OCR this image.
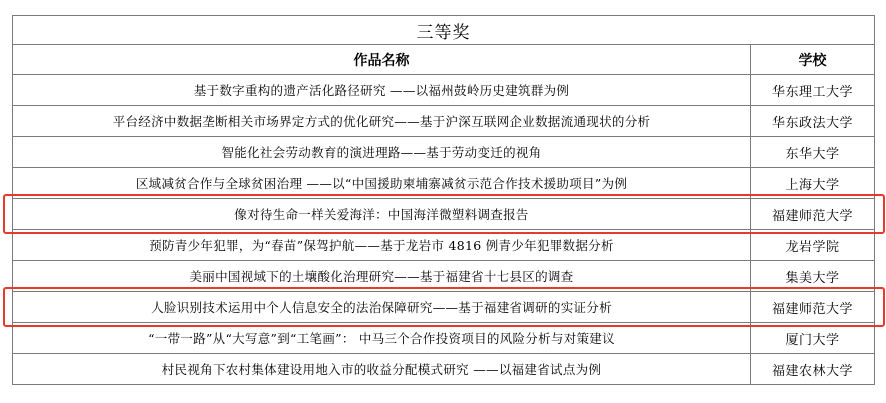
三等奖	
作品名称	学校
基于数字重构的遗产活化路径研究 ——以福州鼓岭历史建筑群为例	华东理工大学
平台经济中数据垄断相关市场界定方式的优化研究——基于沪深互联网企业数据流通现状的分析	华东政法大学
智能化社会劳动教育的演进理路——基于劳动变迁的视角	东华大学
区域减贫合作与全球贫困治理 ——以“中国援助柬埔寨减贫示范合作技术援助项目”为例	上海大学
像对待生命一样关爱海洋：中国海洋微塑料调查报告	福建师范大学
预防青少年犯罪，为“春苗”保驾护航——基于龙岩市 4816 例青少年犯罪数据分析	龙岩学院
美丽中国视域下的土壤酸化治理研究——基于福建省十七县区的调查	集美大学
人脸识别技术运用中个人信息安全的法治保障研究——基于福建省调研的实证分析	福建师范大学
“一带一路”从“大写意”到“工笔画”： 中马三个合作投资项目的风险分析与对策建议	厦门大学
村民视角下农村集体建设用地入市的收益分配模式研究 ——以福建省试点为例	福建农林大学
